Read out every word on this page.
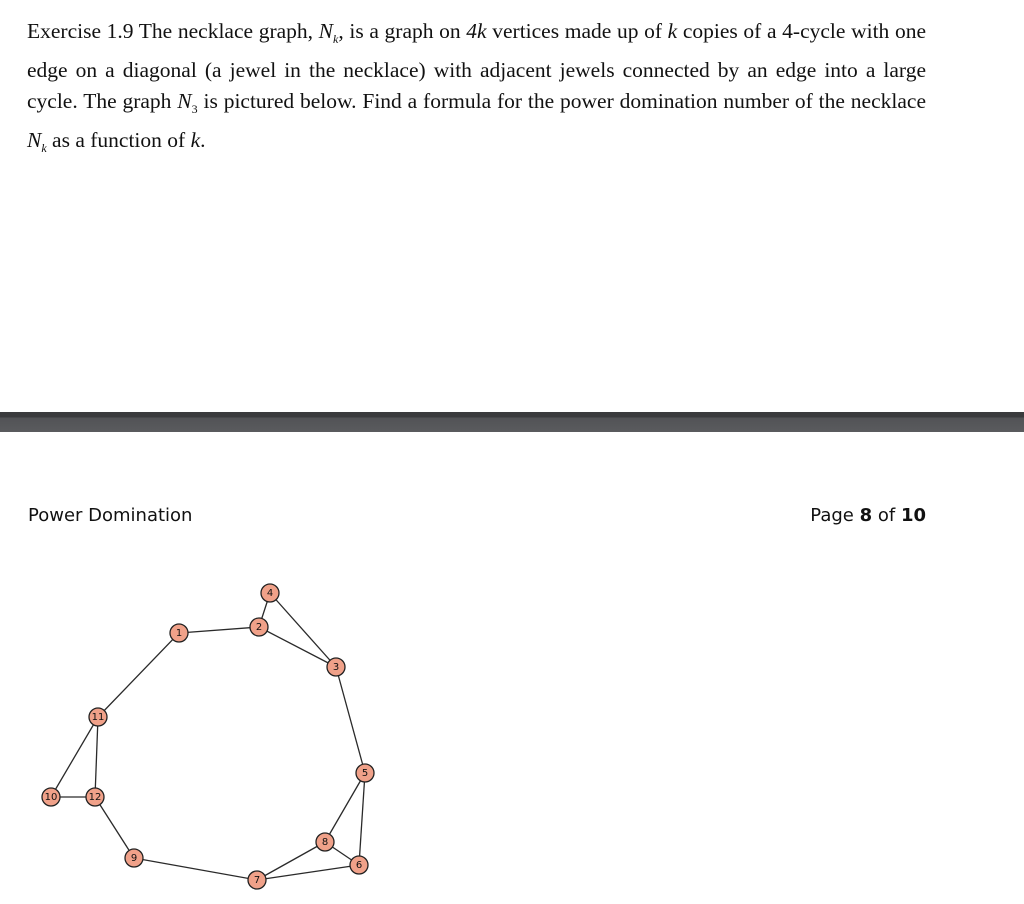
Exercise 1.9 The necklace graph, $N_k$, is a graph on 4k vertices made up of k copies of a 4-cycle with one edge on a diagonal (a jewel in the necklace) with adjacent jewels connected by an edge into a large cycle. The graph $N_3$ is pictured below. Find a formula for the power domination number of the necklace $N_k$ as a function of k.
Power Domination	Page 8 of 10
1
2
3
4
5
6
7
8
9
10
11
12
